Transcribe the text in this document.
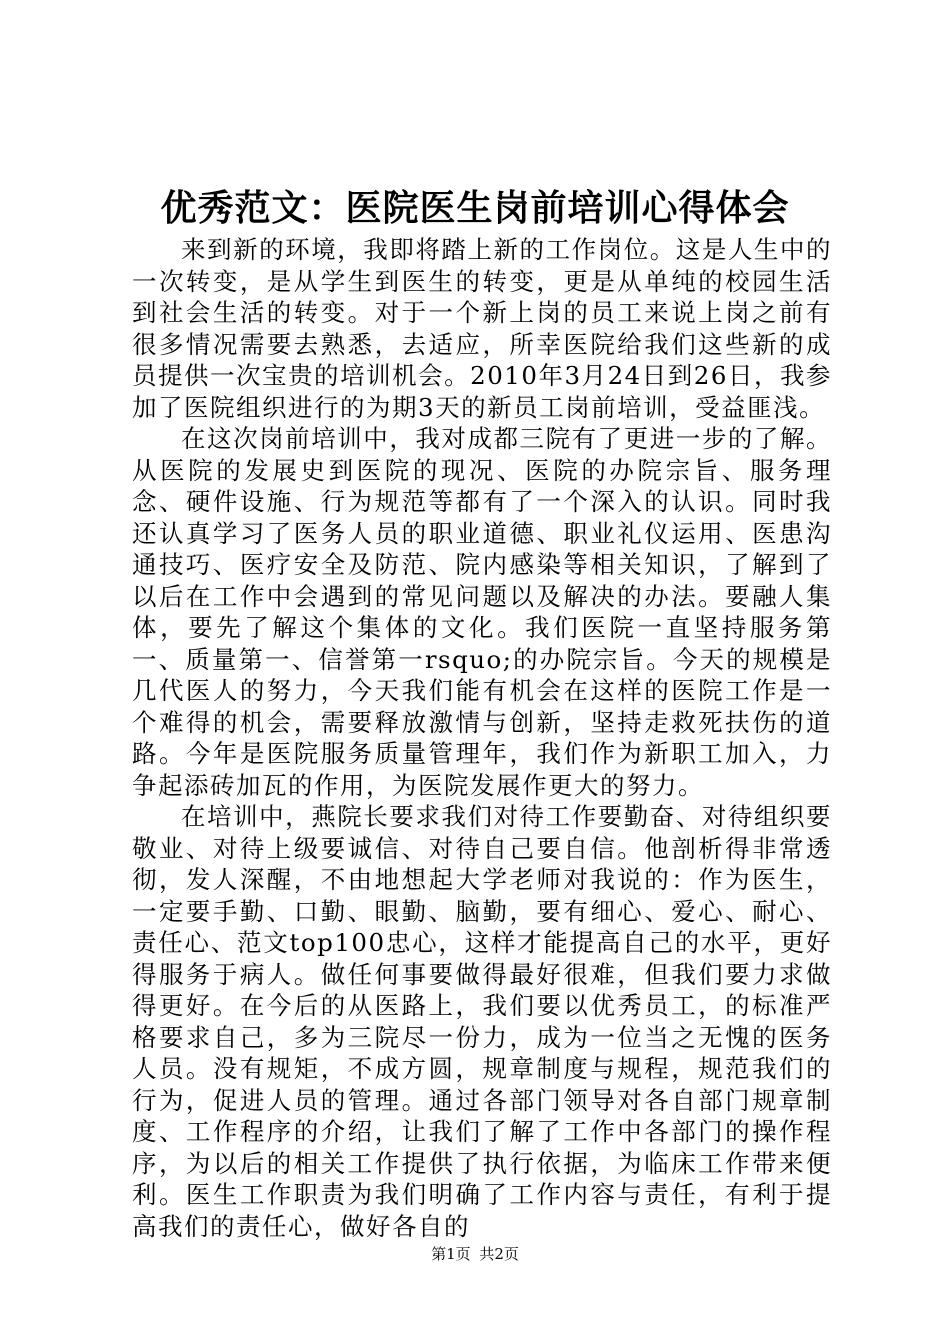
优秀范文：医院医生岗前培训心得体会

来到新的环境，我即将踏上新的工作岗位。这是人生中的一次转变，是从学生到医生的转变，更是从单纯的校园生活到社会生活的转变。对于一个新上岗的员工来说上岗之前有很多情况需要去熟悉，去适应，所幸医院给我们这些新的成员提供一次宝贵的培训机会。2010年3月24日到26日，我参加了医院组织进行的为期3天的新员工岗前培训，受益匪浅。

在这次岗前培训中，我对成都三院有了更进一步的了解。从医院的发展史到医院的现况、医院的办院宗旨、服务理念、硬件设施、行为规范等都有了一个深入的认识。同时我还认真学习了医务人员的职业道德、职业礼仪运用、医患沟通技巧、医疗安全及防范、院内感染等相关知识，了解到了以后在工作中会遇到的常见问题以及解决的办法。要融人集体，要先了解这个集体的文化。我们医院一直坚持服务第一、质量第一、信誉第一rsquo;的办院宗旨。今天的规模是几代医人的努力，今天我们能有机会在这样的医院工作是一个难得的机会，需要释放激情与创新，坚持走救死扶伤的道路。今年是医院服务质量管理年，我们作为新职工加入，力争起添砖加瓦的作用，为医院发展作更大的努力。

在培训中，燕院长要求我们对待工作要勤奋、对待组织要敬业、对待上级要诚信、对待自己要自信。他剖析得非常透彻，发人深醒，不由地想起大学老师对我说的：作为医生，一定要手勤、口勤、眼勤、脑勤，要有细心、爱心、耐心、责任心、范文top100忠心，这样才能提高自己的水平，更好得服务于病人。做任何事要做得最好很难，但我们要力求做得更好。在今后的从医路上，我们要以优秀员工，的标准严格要求自己，多为三院尽一份力，成为一位当之无愧的医务人员。没有规矩，不成方圆，规章制度与规程，规范我们的行为，促进人员的管理。通过各部门领导对各自部门规章制度、工作程序的介绍，让我们了解了工作中各部门的操作程序，为以后的相关工作提供了执行依据，为临床工作带来便利。医生工作职责为我们明确了工作内容与责任，有利于提高我们的责任心，做好各自的

第1页 共2页
